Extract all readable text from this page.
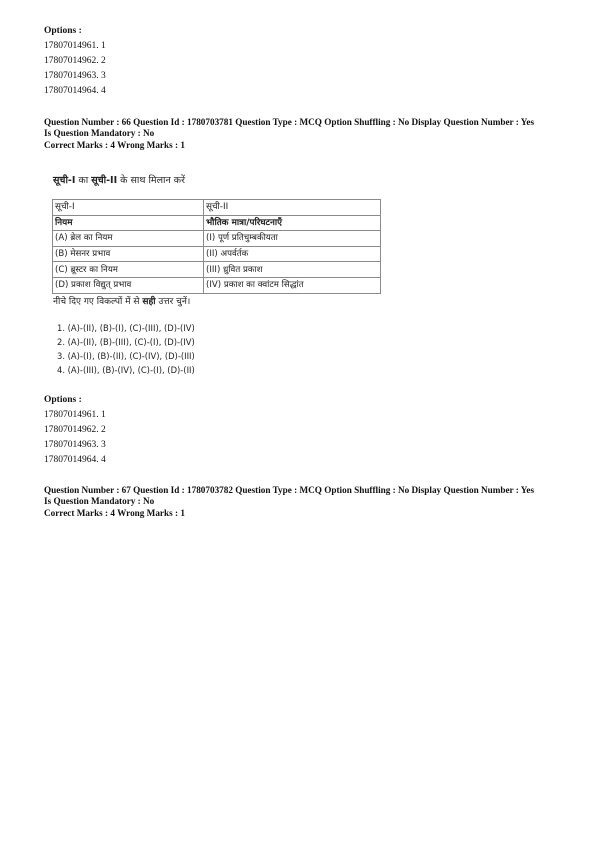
Options :
17807014961. 1
17807014962. 2
17807014963. 3
17807014964. 4
Question Number : 66 Question Id : 1780703781 Question Type : MCQ Option Shuffling : No Display Question Number : Yes
Is Question Mandatory : No
Correct Marks : 4 Wrong Marks : 1
सूची-I का सूची-II के साथ मिलान करें
सूची-I	सूची-II
नियम	भौतिक मात्रा/परिघटनाएँ
(A) ब्रेल का नियम	(I) पूर्ण प्रतिचुम्बकीयता
(B) मेसनर प्रभाव	(II) अपर्वर्तक
(C) ब्रूस्टर का नियम	(III) ध्रुवित प्रकाश
(D) प्रकाश विद्युत् प्रभाव	(IV) प्रकाश का क्वांटम सिद्धांत
नीचे दिए गए विकल्पों में से सही उत्तर चुनें।
1. (A)-(II), (B)-(I), (C)-(III), (D)-(IV)
2. (A)-(II), (B)-(III), (C)-(I), (D)-(IV)
3. (A)-(I), (B)-(II), (C)-(IV), (D)-(III)
4. (A)-(III), (B)-(IV), (C)-(I), (D)-(II)
Options :
17807014961. 1
17807014962. 2
17807014963. 3
17807014964. 4
Question Number : 67 Question Id : 1780703782 Question Type : MCQ Option Shuffling : No Display Question Number : Yes
Is Question Mandatory : No
Correct Marks : 4 Wrong Marks : 1
